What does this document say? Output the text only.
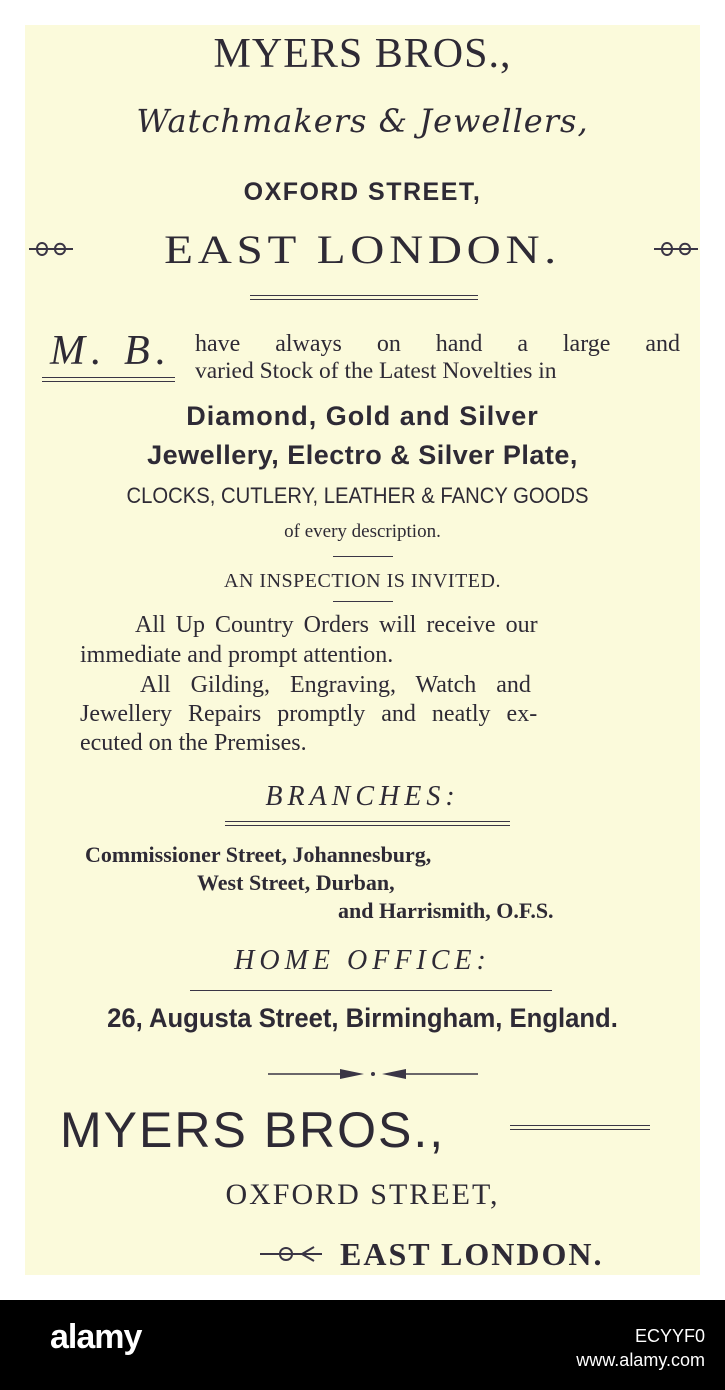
MYERS BROS.,
Watchmakers & Jewellers,
OXFORD STREET,
EAST LONDON.
M. B. have always on hand a large and
varied Stock of the Latest Novelties in
Diamond, Gold and Silver
Jewellery, Electro & Silver Plate,
CLOCKS, CUTLERY, LEATHER & FANCY GOODS
of every description.
AN INSPECTION IS INVITED.
All Up Country Orders will receive our
immediate and prompt attention.
All Gilding, Engraving, Watch and
Jewellery Repairs promptly and neatly ex-
ecuted on the Premises.
BRANCHES:
Commissioner Street, Johannesburg,
West Street, Durban,
and Harrismith, O.F.S.
HOME OFFICE:
26, Augusta Street, Birmingham, England.
MYERS BROS.,
OXFORD STREET,
EAST LONDON.
alamy	ECYYF0
www.alamy.com
